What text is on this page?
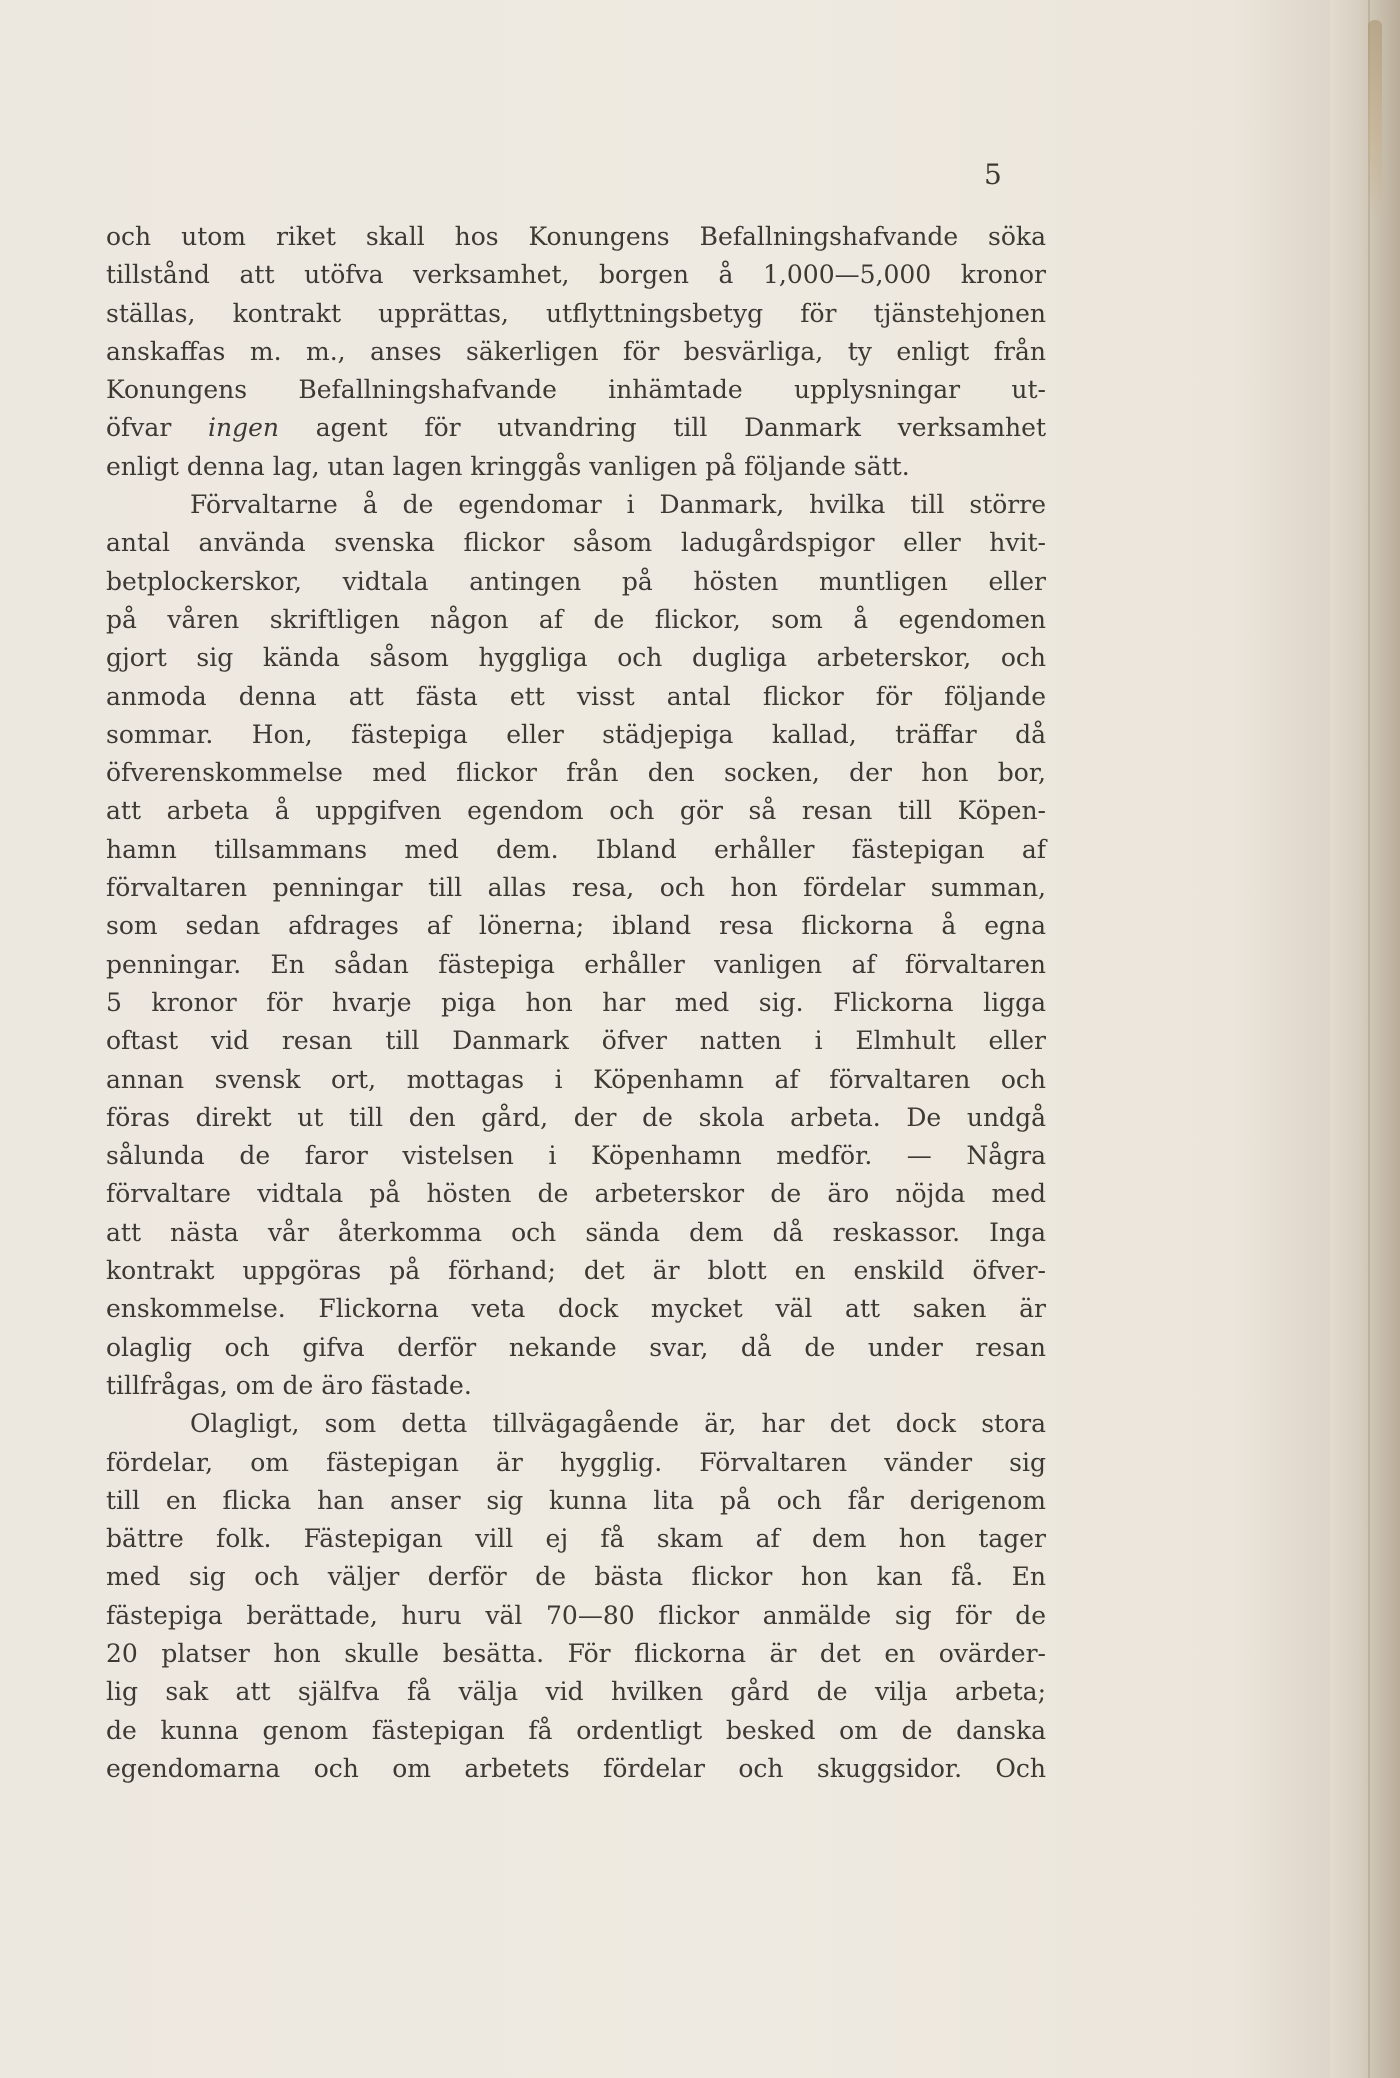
5
och utom riket skall hos Konungens Befallningshafvande söka
tillstånd att utöfva verksamhet, borgen å 1,000—5,000 kronor
ställas, kontrakt upprättas, utflyttningsbetyg för tjänstehjonen
anskaffas m. m., anses säkerligen för besvärliga, ty enligt från
Konungens Befallningshafvande inhämtade upplysningar ut-
öfvar ingen agent för utvandring till Danmark verksamhet
enligt denna lag, utan lagen kringgås vanligen på följande sätt.
Förvaltarne å de egendomar i Danmark, hvilka till större
antal använda svenska flickor såsom ladugårdspigor eller hvit-
betplockerskor, vidtala antingen på hösten muntligen eller
på våren skriftligen någon af de flickor, som å egendomen
gjort sig kända såsom hyggliga och dugliga arbeterskor, och
anmoda denna att fästa ett visst antal flickor för följande
sommar. Hon, fästepiga eller städjepiga kallad, träffar då
öfverenskommelse med flickor från den socken, der hon bor,
att arbeta å uppgifven egendom och gör så resan till Köpen-
hamn tillsammans med dem. Ibland erhåller fästepigan af
förvaltaren penningar till allas resa, och hon fördelar summan,
som sedan afdrages af lönerna; ibland resa flickorna å egna
penningar. En sådan fästepiga erhåller vanligen af förvaltaren
5 kronor för hvarje piga hon har med sig. Flickorna ligga
oftast vid resan till Danmark öfver natten i Elmhult eller
annan svensk ort, mottagas i Köpenhamn af förvaltaren och
föras direkt ut till den gård, der de skola arbeta. De undgå
sålunda de faror vistelsen i Köpenhamn medför. — Några
förvaltare vidtala på hösten de arbeterskor de äro nöjda med
att nästa vår återkomma och sända dem då reskassor. Inga
kontrakt uppgöras på förhand; det är blott en enskild öfver-
enskommelse. Flickorna veta dock mycket väl att saken är
olaglig och gifva derför nekande svar, då de under resan
tillfrågas, om de äro fästade.
Olagligt, som detta tillvägagående är, har det dock stora
fördelar, om fästepigan är hygglig. Förvaltaren vänder sig
till en flicka han anser sig kunna lita på och får derigenom
bättre folk. Fästepigan vill ej få skam af dem hon tager
med sig och väljer derför de bästa flickor hon kan få. En
fästepiga berättade, huru väl 70—80 flickor anmälde sig för de
20 platser hon skulle besätta. För flickorna är det en ovärder-
lig sak att själfva få välja vid hvilken gård de vilja arbeta;
de kunna genom fästepigan få ordentligt besked om de danska
egendomarna och om arbetets fördelar och skuggsidor. Och
